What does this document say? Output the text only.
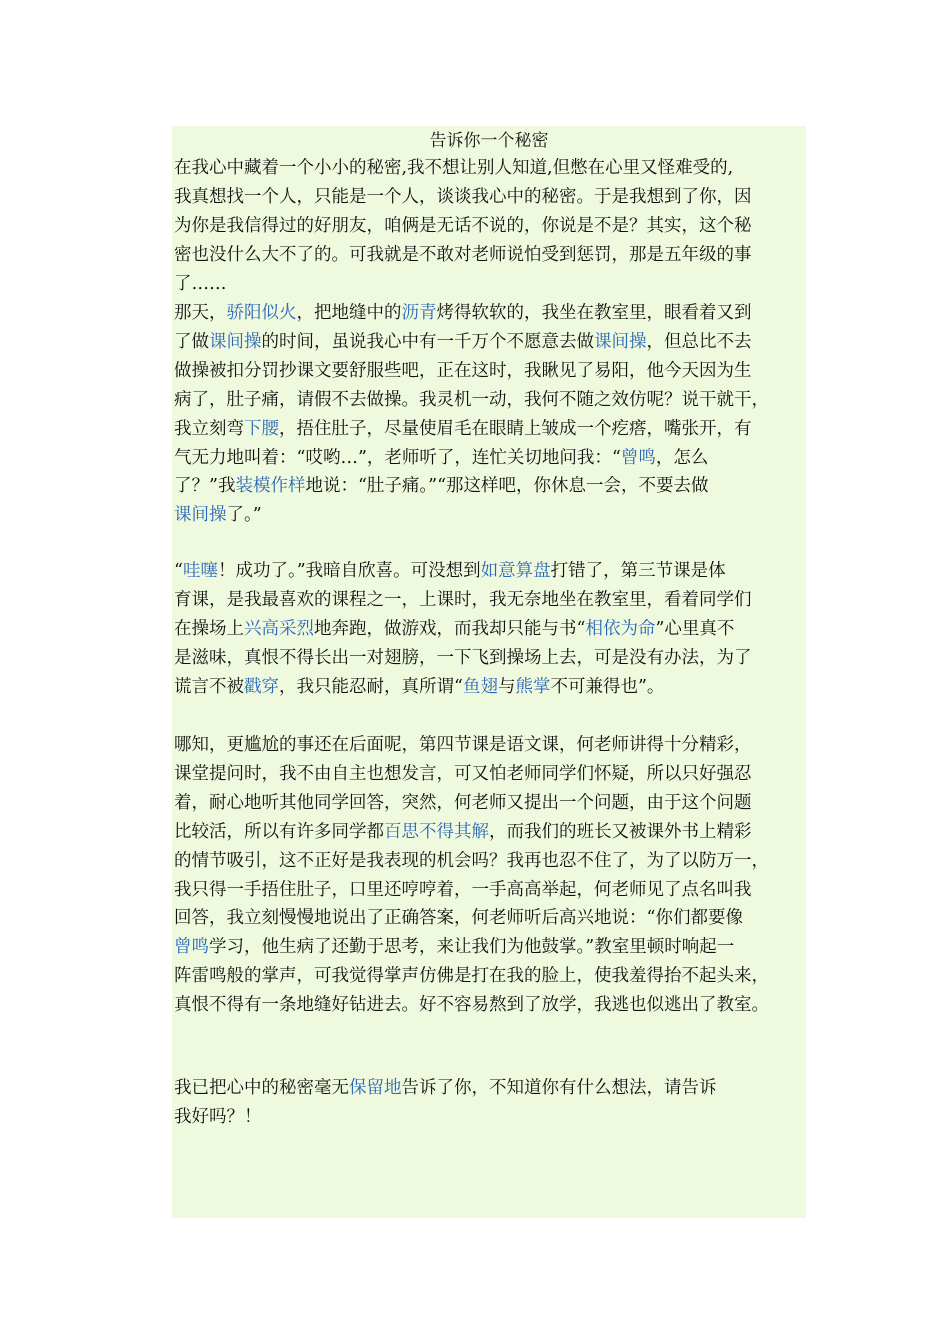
告诉你一个秘密
在我心中藏着一个小小的秘密,我不想让别人知道,但憋在心里又怪难受的,
我真想找一个人，只能是一个人，谈谈我心中的秘密。于是我想到了你，因
为你是我信得过的好朋友，咱俩是无话不说的，你说是不是？其实，这个秘
密也没什么大不了的。可我就是不敢对老师说怕受到惩罚，那是五年级的事
了……
那天，骄阳似火，把地缝中的沥青烤得软软的，我坐在教室里，眼看着又到
了做课间操的时间，虽说我心中有一千万个不愿意去做课间操，但总比不去
做操被扣分罚抄课文要舒服些吧，正在这时，我瞅见了易阳，他今天因为生
病了，肚子痛，请假不去做操。我灵机一动，我何不随之效仿呢？说干就干，
我立刻弯下腰，捂住肚子，尽量使眉毛在眼睛上皱成一个疙瘩，嘴张开，有
气无力地叫着：“哎哟…”，老师听了，连忙关切地问我：“曾鸣，怎么
了？”我装模作样地说：“肚子痛。”“那这样吧，你休息一会，不要去做
课间操了。”
“哇噻！成功了。”我暗自欣喜。可没想到如意算盘打错了，第三节课是体
育课，是我最喜欢的课程之一，上课时，我无奈地坐在教室里，看着同学们
在操场上兴高采烈地奔跑，做游戏，而我却只能与书“相依为命”心里真不
是滋味，真恨不得长出一对翅膀，一下飞到操场上去，可是没有办法，为了
谎言不被戳穿，我只能忍耐，真所谓“鱼翅与熊掌不可兼得也”。
哪知，更尴尬的事还在后面呢，第四节课是语文课，何老师讲得十分精彩，
课堂提问时，我不由自主也想发言，可又怕老师同学们怀疑，所以只好强忍
着，耐心地听其他同学回答，突然，何老师又提出一个问题，由于这个问题
比较活，所以有许多同学都百思不得其解，而我们的班长又被课外书上精彩
的情节吸引，这不正好是我表现的机会吗？我再也忍不住了，为了以防万一，
我只得一手捂住肚子，口里还哼哼着，一手高高举起，何老师见了点名叫我
回答，我立刻慢慢地说出了正确答案，何老师听后高兴地说：“你们都要像
曾鸣学习，他生病了还勤于思考，来让我们为他鼓掌。”教室里顿时响起一
阵雷鸣般的掌声，可我觉得掌声仿佛是打在我的脸上，使我羞得抬不起头来，
真恨不得有一条地缝好钻进去。好不容易熬到了放学，我逃也似逃出了教室。
我已把心中的秘密毫无保留地告诉了你，不知道你有什么想法，请告诉
我好吗？！
